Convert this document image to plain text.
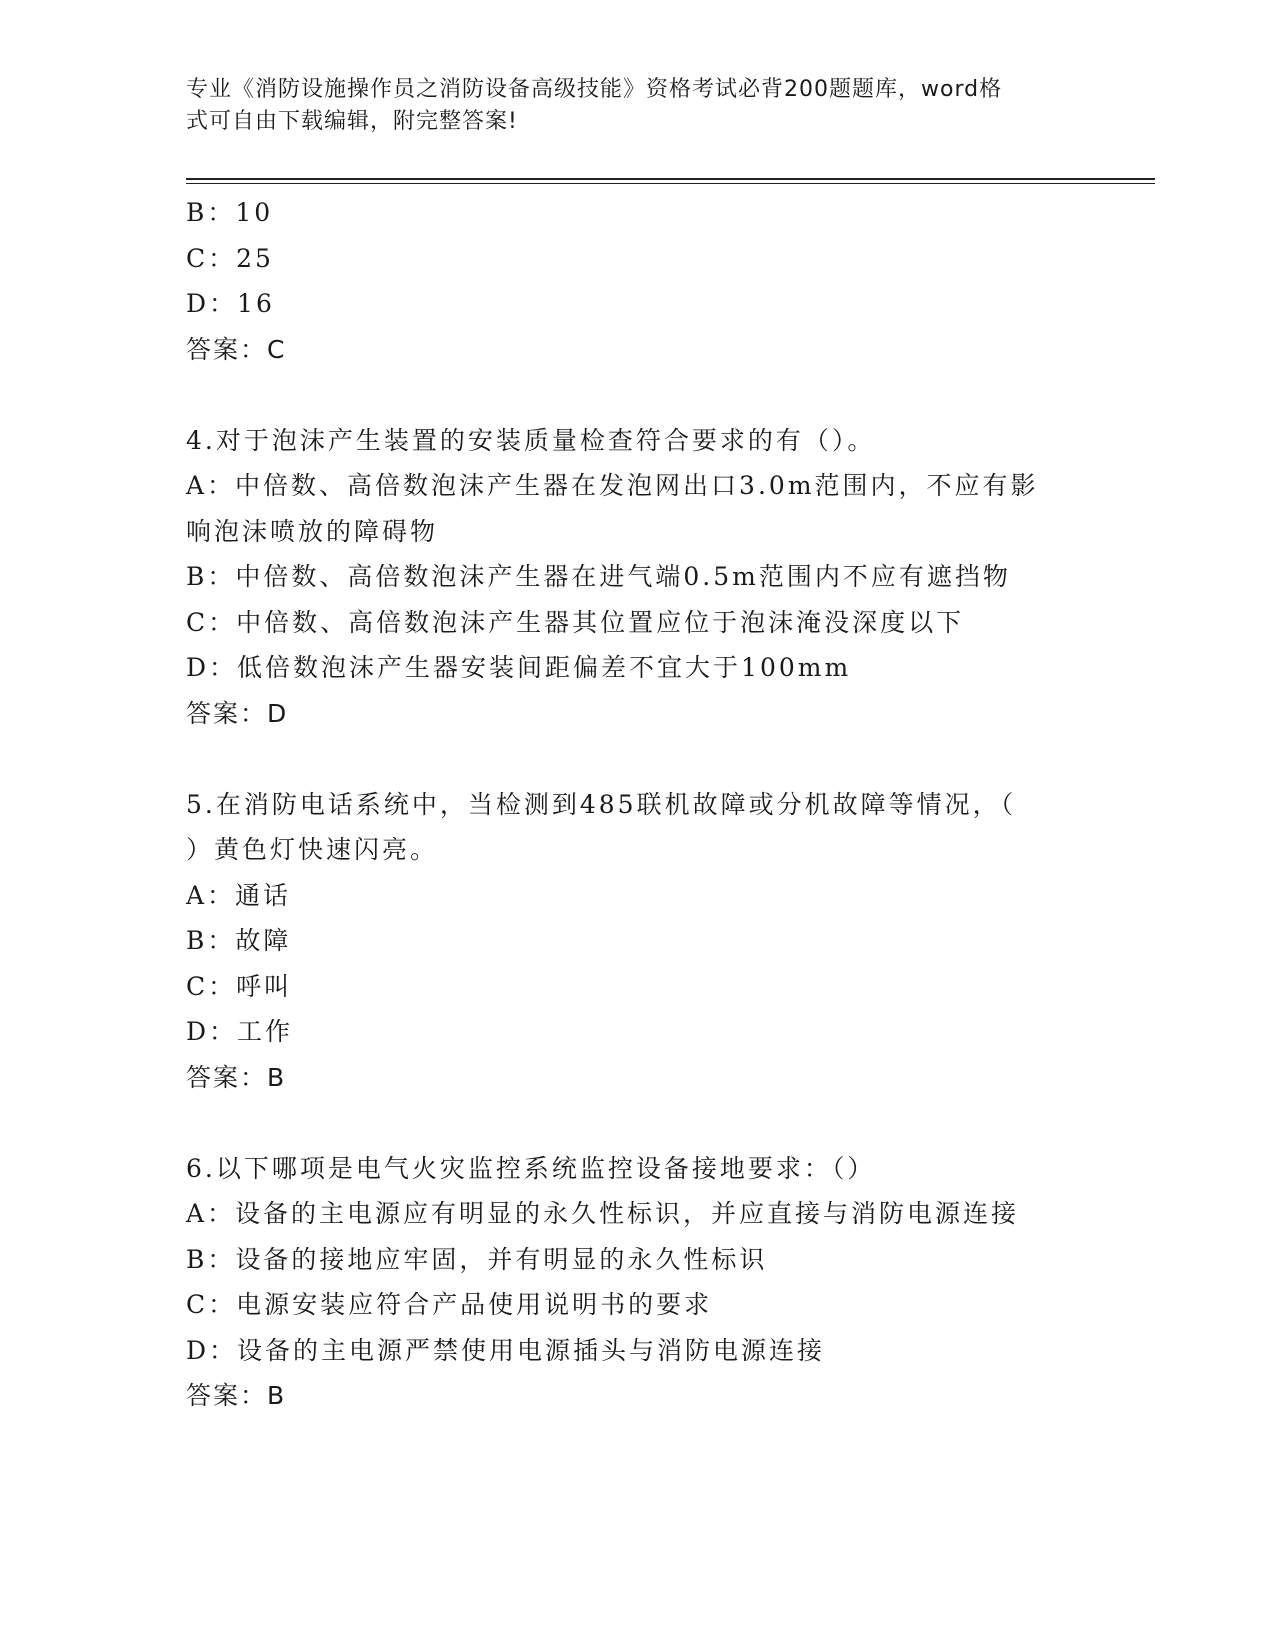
专业《消防设施操作员之消防设备高级技能》资格考试必背200题题库，word格
式可自由下载编辑，附完整答案!
B：10
C：25
D：16
答案：C
4.对于泡沫产生装置的安装质量检查符合要求的有（）。
A：中倍数、高倍数泡沫产生器在发泡网出口3.0m范围内，不应有影
响泡沫喷放的障碍物
B：中倍数、高倍数泡沫产生器在进气端0.5m范围内不应有遮挡物
C：中倍数、高倍数泡沫产生器其位置应位于泡沫淹没深度以下
D：低倍数泡沫产生器安装间距偏差不宜大于100mm
答案：D
5.在消防电话系统中，当检测到485联机故障或分机故障等情况，（
）黄色灯快速闪亮。
A：通话
B：故障
C：呼叫
D：工作
答案：B
6.以下哪项是电气火灾监控系统监控设备接地要求：（）
A：设备的主电源应有明显的永久性标识，并应直接与消防电源连接
B：设备的接地应牢固，并有明显的永久性标识
C：电源安装应符合产品使用说明书的要求
D：设备的主电源严禁使用电源插头与消防电源连接
答案：B
